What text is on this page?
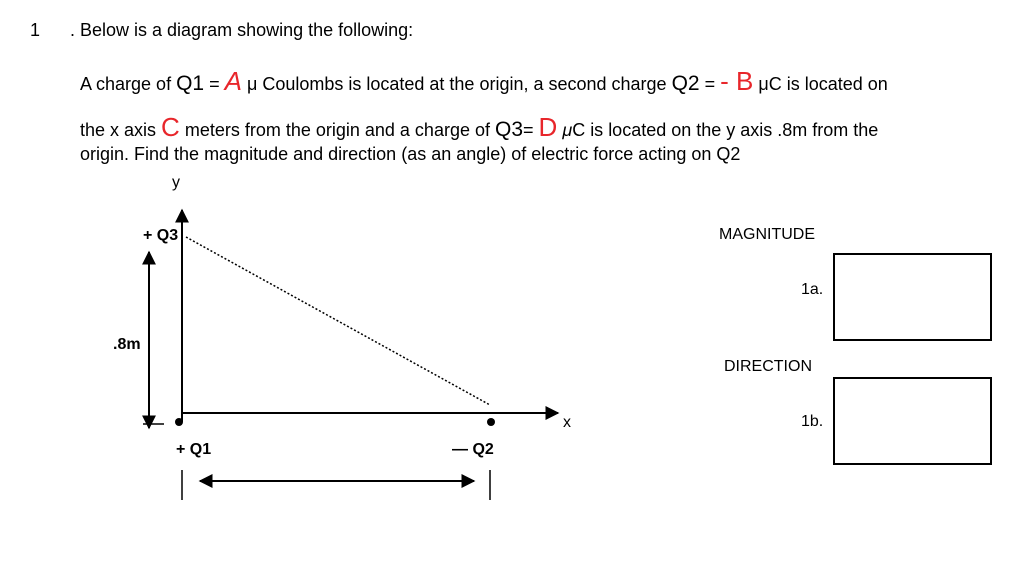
1 . Below is a diagram showing the following:
A charge of Q1 = A μ Coulombs is located at the origin, a second charge Q2 = - B μC is located on
the x axis C meters from the origin and a charge of Q3= D μC is located on the y axis .8m from the
origin. Find the magnitude and direction (as an angle) of electric force acting on Q2
y
x
+ Q3
+ Q1	— Q2
.8m
MAGNITUDE
1a.
DIRECTION
1b.
